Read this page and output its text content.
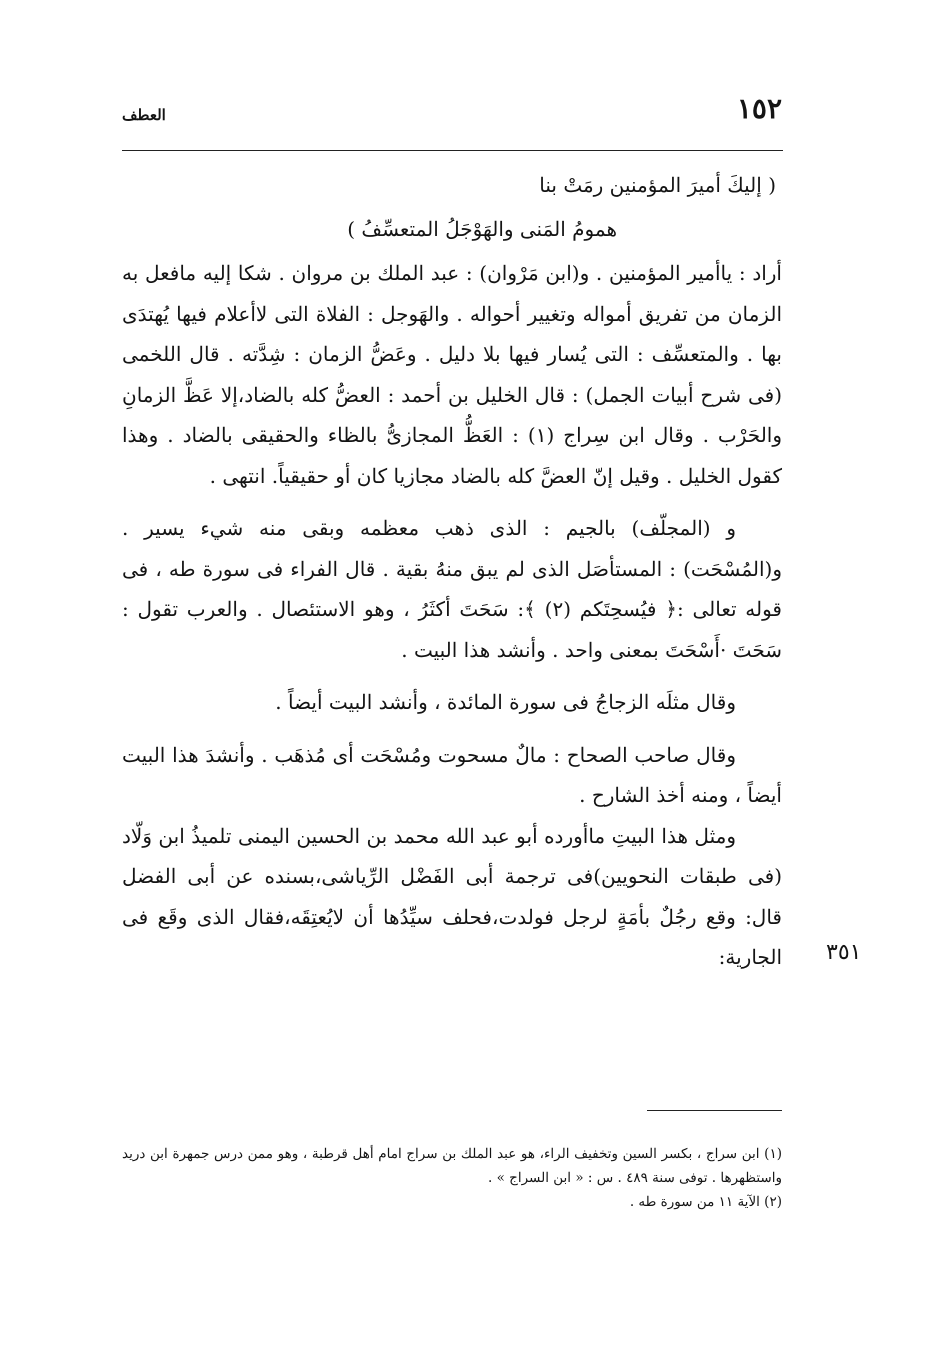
١٥٢
العطف
٣٥١
( إليكَ أميرَ المؤمنين رمَتْ بنا
همومُ المَنى والهَوْجَلُ المتعسِّفُ )

أراد : ياأمير المؤمنين . و(ابن مَرْوان) : عبد الملك بن مروان . شكا إليه مافعل به الزمان من تفريق أمواله وتغيير أحواله . والهَوجل : الفلاة التى لاأعلام فيها يُهتدَى بها . والمتعسِّف : التى يُسار فيها بلا دليل . وعَضُّ الزمان : شِدَّته . قال اللخمى (فى شرح أبيات الجمل) : قال الخليل بن أحمد : العضُّ كله بالضاد،إلا عَظَّ الزمانِ والحَرْب . وقال ابن سِراج (١) : العَظُّ المجازىُّ بالظاء والحقيقى بالضاد . وهذا كقول الخليل . وقيل إنّ العضَّ كله بالضاد مجازيا كان أو حقيقياً. انتهى .

و (المجلّف) بالجيم : الذى ذهب معظمه وبقى منه شيء يسير . و(المُسْحَت) : المستأصَل الذى لم يبق منهُ بقية . قال الفراء فى سورة طه ، فى قوله تعالى :﴿ فيُسحِتَكم (٢) ﴾: سَحَتَ أكثَرُ ، وهو الاستئصال . والعرب تقول : سَحَتَ ·أَسْحَتَ بمعنى واحد . وأنشد هذا البيت .

وقال مثلَه الزجاجُ فى سورة المائدة ، وأنشد البيت أيضاً .

وقال صاحب الصحاح : مالٌ مسحوت ومُسْحَت أى مُذهَب . وأنشدَ هذا البيت أيضاً ، ومنه أخذ الشارح .

ومثل هذا البيتِ ماأورده أبو عبد الله محمد بن الحسين اليمنى تلميذُ ابن وَلّاد (فى طبقات النحويين)فى ترجمة أبى الفَضْل الرِّياشى،بسنده عن أبى الفضل قال: وقع رجُلٌ بأمَةٍ لرجل فولدت،فحلف سيِّدُها أن لايُعتِقَه،فقال الذى وقَع فى الجارية:

(١) ابن سراج ، بكسر السين وتخفيف الراء، هو عبد الملك بن سراج امام أهل قرطبة ، وهو ممن درس جمهرة ابن دريد واستظهرها . توفى سنة ٤٨٩ . س : « ابن السراج » .

(٢) الآية ١١ من سورة طه .
